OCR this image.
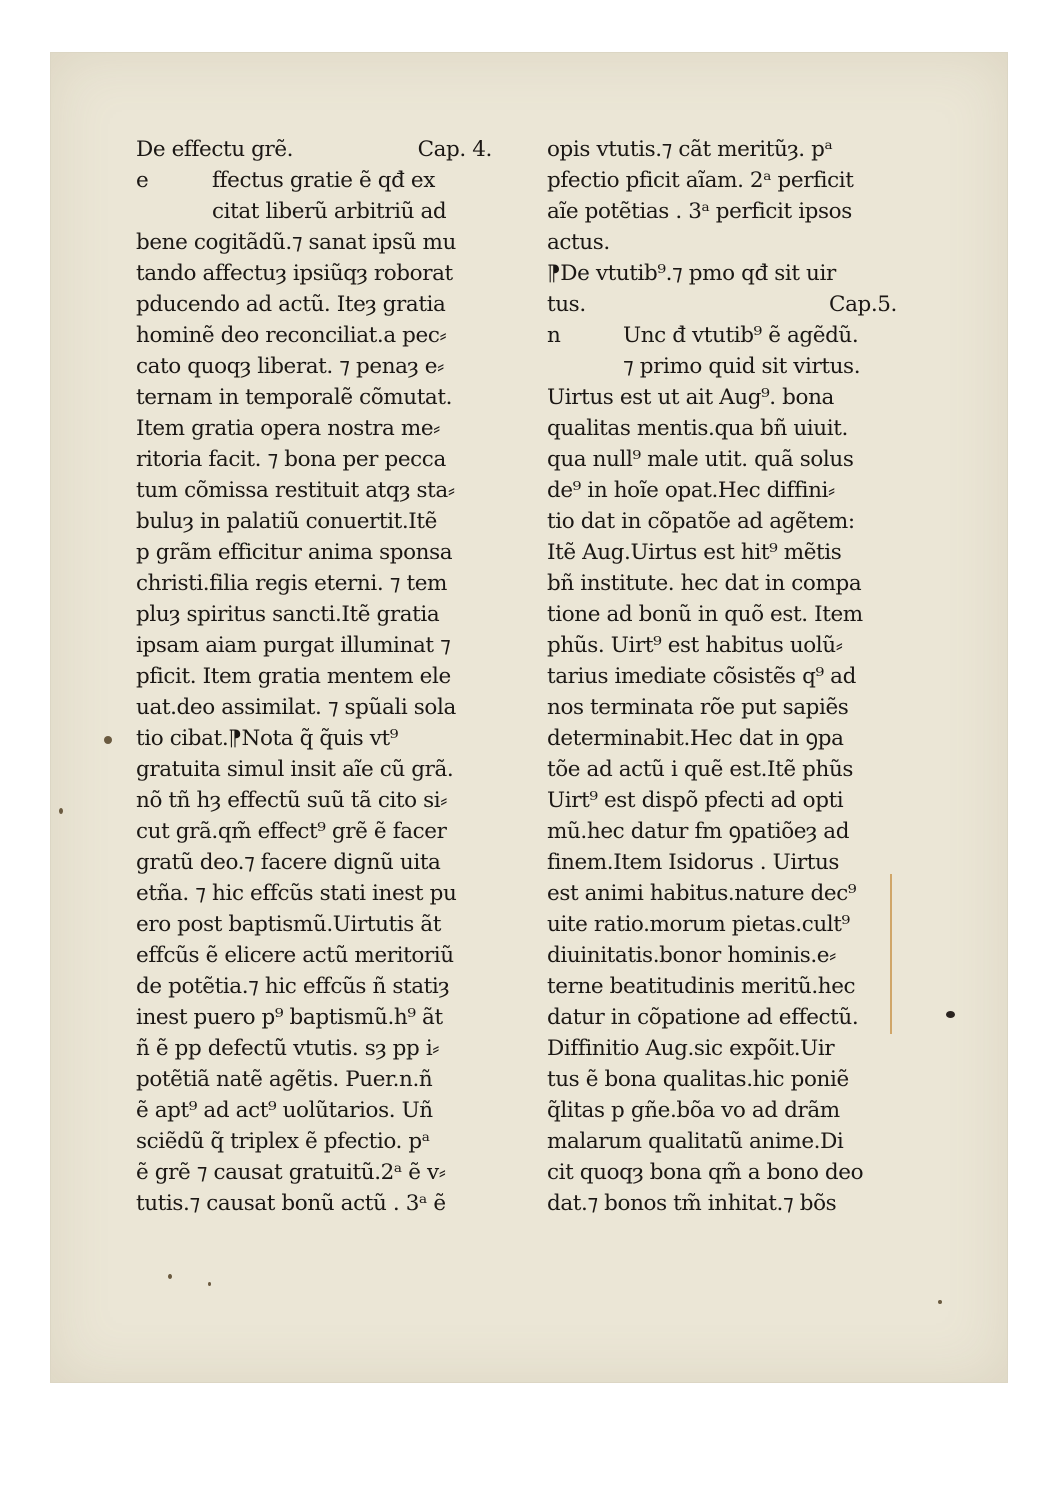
De effectu grẽ.	Cap. 4.
e	ffectus gratie ẽ qđ ex
citat liberũ arbitriũ ad
bene cogitãdũ.⁊ sanat ipsũ mu
tando affectuȝ ipsiũqȝ roborat
pducendo ad actũ. Iteȝ gratia
hominẽ deo reconciliat.a pec⸗
cato quoqȝ liberat. ⁊ penaȝ e⸗
ternam in temporalẽ cõmutat.
Item gratia opera nostra me⸗
ritoria facit. ⁊ bona per pecca
tum cõmissa restituit atqȝ sta⸗
buluȝ in palatiũ conuertit.Itẽ
p grãm efficitur anima sponsa
christi.filia regis eterni. ⁊ tem
pluȝ spiritus sancti.Itẽ gratia
ipsam aiam purgat illuminat ⁊
pficit. Item gratia mentem ele
uat.deo assimilat. ⁊ spũali sola
tio cibat.⁋Nota q̃ q̃uis vt⁹
gratuita simul insit aĩe cũ grã.
nõ tñ hȝ effectũ suũ tã cito si⸗
cut grã.qm̃ effect⁹ grẽ ẽ facer
gratũ deo.⁊ facere dignũ uita
etña. ⁊ hic effcũs stati inest pu
ero post baptismũ.Uirtutis ãt
effcũs ẽ elicere actũ meritoriũ
de potẽtia.⁊ hic effcũs ñ statiȝ
inest puero p⁹ baptismũ.h⁹ ãt
ñ ẽ pp defectũ vtutis. sȝ pp i⸗
potẽtiã natẽ agẽtis. Puer.n.ñ
ẽ apt⁹ ad act⁹ uolũtarios. Uñ
sciẽdũ q̃ triplex ẽ pfectio. pᵃ
ẽ grẽ ⁊ causat gratuitũ.2ᵃ ẽ v⸗
tutis.⁊ causat bonũ actũ . 3ᵃ ẽ
opis vtutis.⁊ cãt meritũȝ. pᵃ
pfectio pficit aĩam. 2ᵃ perficit
aĩe potẽtias . 3ᵃ perficit ipsos
actus.
⁋De vtutib⁹.⁊ pmo qđ sit uir
tus.	Cap.5.
n	Unc đ vtutib⁹ ẽ agẽdũ.
⁊ primo quid sit virtus.
Uirtus est ut ait Aug⁹. bona
qualitas mentis.qua bñ uiuit.
qua null⁹ male utit. quã solus
de⁹ in hoĩe opat.Hec diffini⸗
tio dat in cõpatõe ad agẽtem:
Itẽ Aug.Uirtus est hit⁹ mẽtis
bñ institute. hec dat in compa
tione ad bonũ in quõ est. Item
phũs. Uirt⁹ est habitus uolũ⸗
tarius imediate cõsistẽs q⁹ ad
nos terminata rõe put sapiẽs
determinabit.Hec dat in ꝯpa
tõe ad actũ i quẽ est.Itẽ phũs
Uirt⁹ est dispõ pfecti ad opti
mũ.hec datur fm ꝯpatiõeȝ ad
finem.Item Isidorus . Uirtus
est animi habitus.nature dec⁹
uite ratio.morum pietas.cult⁹
diuinitatis.bonor hominis.e⸗
terne beatitudinis meritũ.hec
datur in cõpatione ad effectũ.
Diffinitio Aug.sic expõit.Uir
tus ẽ bona qualitas.hic poniẽ
q̃litas p gñe.bõa vo ad drãm
malarum qualitatũ anime.Di
cit quoqȝ bona qm̃ a bono deo
dat.⁊ bonos tm̃ inhitat.⁊ bõs
